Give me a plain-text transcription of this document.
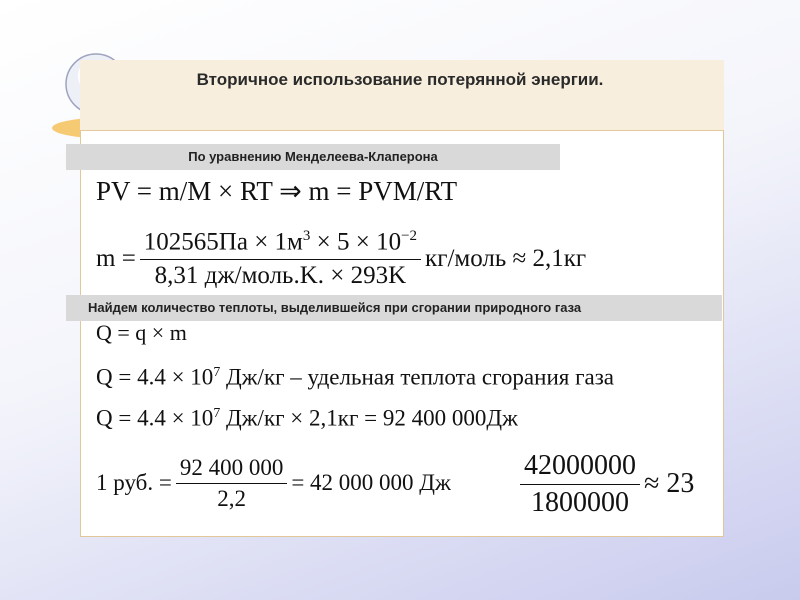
Вторичное использование потерянной энергии.
По уравнению Менделеева-Клаперона
PV = m/M × RT ⇒ m = PVM/RT
$m = \frac{102565Па \times 1м^3 \times 5 \times 10^{-2}}{\text{8,31 дж/моль.K. × 293K}}$ кг/моль ≈ 2,1кг
Найдем количество теплоты, выделившейся при сгорании природного газа
Q = q × m
$Q = 4.4 \times 10^7$ Дж/кг – удельная теплота сгорания газа
$Q = 4.4 \times 10^7$ Дж/кг × 2,1кг = 92 400 000Дж
1 руб. = $\frac{92 400 000}{2,2} = 42$ 000 000 Дж $\frac{42000000}{1800000} \approx 23$
